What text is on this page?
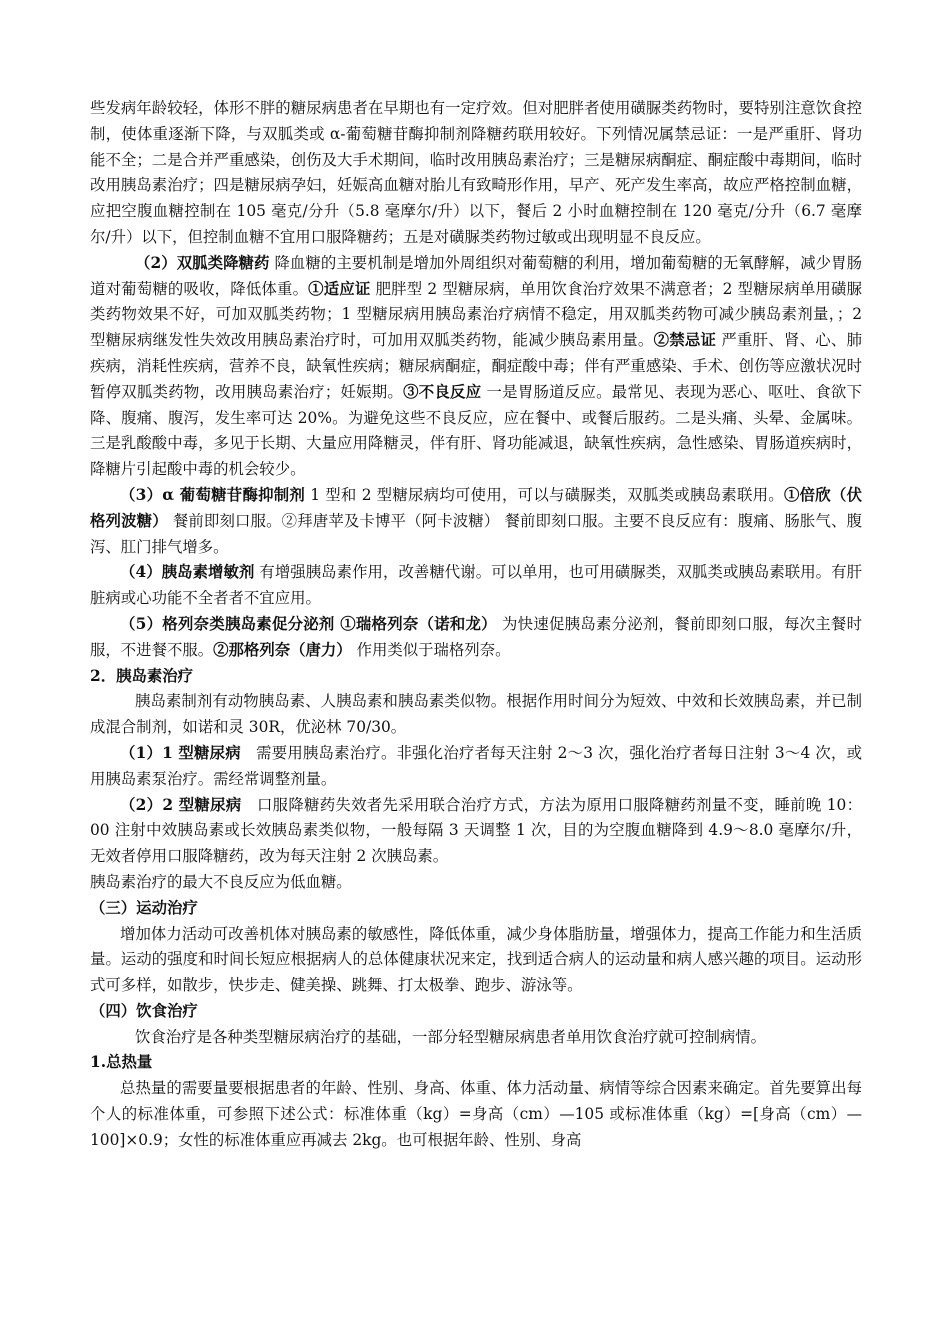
些发病年龄较轻，体形不胖的糖尿病患者在早期也有一定疗效。但对肥胖者使用磺脲类药物时，要特别注意饮食控制，使体重逐渐下降，与双胍类或 α-葡萄糖苷酶抑制剂降糖药联用较好。下列情况属禁忌证：一是严重肝、肾功能不全；二是合并严重感染，创伤及大手术期间，临时改用胰岛素治疗；三是糖尿病酮症、酮症酸中毒期间，临时改用胰岛素治疗；四是糖尿病孕妇，妊娠高血糖对胎儿有致畸形作用，早产、死产发生率高，故应严格控制血糖，应把空腹血糖控制在 105 毫克/分升（5.8 毫摩尔/升）以下，餐后 2 小时血糖控制在 120 毫克/分升（6.7 毫摩尔/升）以下，但控制血糖不宜用口服降糖药；五是对磺脲类药物过敏或出现明显不良反应。

（2）双胍类降糖药 降血糖的主要机制是增加外周组织对葡萄糖的利用，增加葡萄糖的无氧酵解，减少胃肠道对葡萄糖的吸收，降低体重。①适应证 肥胖型 2 型糖尿病，单用饮食治疗效果不满意者；2 型糖尿病单用磺脲类药物效果不好，可加双胍类药物；1 型糖尿病用胰岛素治疗病情不稳定，用双胍类药物可减少胰岛素剂量，；2 型糖尿病继发性失效改用胰岛素治疗时，可加用双胍类药物，能减少胰岛素用量。②禁忌证 严重肝、肾、心、肺疾病，消耗性疾病，营养不良，缺氧性疾病；糖尿病酮症，酮症酸中毒；伴有严重感染、手术、创伤等应激状况时暂停双胍类药物，改用胰岛素治疗；妊娠期。③不良反应 一是胃肠道反应。最常见、表现为恶心、呕吐、食欲下降、腹痛、腹泻，发生率可达 20%。为避免这些不良反应，应在餐中、或餐后服药。二是头痛、头晕、金属味。三是乳酸酸中毒，多见于长期、大量应用降糖灵，伴有肝、肾功能减退，缺氧性疾病，急性感染、胃肠道疾病时，降糖片引起酸中毒的机会较少。

（3）α 葡萄糖苷酶抑制剂 1 型和 2 型糖尿病均可使用，可以与磺脲类，双胍类或胰岛素联用。①倍欣（伏格列波糖） 餐前即刻口服。②拜唐苹及卡博平（阿卡波糖） 餐前即刻口服。主要不良反应有：腹痛、肠胀气、腹泻、肛门排气增多。

（4）胰岛素增敏剂 有增强胰岛素作用，改善糖代谢。可以单用，也可用磺脲类，双胍类或胰岛素联用。有肝脏病或心功能不全者者不宜应用。

（5）格列奈类胰岛素促分泌剂 ①瑞格列奈（诺和龙） 为快速促胰岛素分泌剂，餐前即刻口服，每次主餐时服，不进餐不服。②那格列奈（唐力） 作用类似于瑞格列奈。

2．胰岛素治疗

胰岛素制剂有动物胰岛素、人胰岛素和胰岛素类似物。根据作用时间分为短效、中效和长效胰岛素，并已制成混合制剂，如诺和灵 30R，优泌林 70/30。

（1）1 型糖尿病   需要用胰岛素治疗。非强化治疗者每天注射 2～3 次，强化治疗者每日注射 3～4 次，或用胰岛素泵治疗。需经常调整剂量。

（2）2 型糖尿病   口服降糖药失效者先采用联合治疗方式，方法为原用口服降糖药剂量不变，睡前晚 10：00 注射中效胰岛素或长效胰岛素类似物，一般每隔 3 天调整 1 次，目的为空腹血糖降到 4.9～8.0 毫摩尔/升，无效者停用口服降糖药，改为每天注射 2 次胰岛素。

胰岛素治疗的最大不良反应为低血糖。

（三）运动治疗

增加体力活动可改善机体对胰岛素的敏感性，降低体重，减少身体脂肪量，增强体力，提高工作能力和生活质量。运动的强度和时间长短应根据病人的总体健康状况来定，找到适合病人的运动量和病人感兴趣的项目。运动形式可多样，如散步，快步走、健美操、跳舞、打太极拳、跑步、游泳等。

（四）饮食治疗

饮食治疗是各种类型糖尿病治疗的基础，一部分轻型糖尿病患者单用饮食治疗就可控制病情。

1.总热量

总热量的需要量要根据患者的年龄、性别、身高、体重、体力活动量、病情等综合因素来确定。首先要算出每个人的标准体重，可参照下述公式：标准体重（kg）=身高（cm）—105 或标准体重（kg）=[身高（cm）—100]×0.9；女性的标准体重应再减去 2kg。也可根据年龄、性别、身高
